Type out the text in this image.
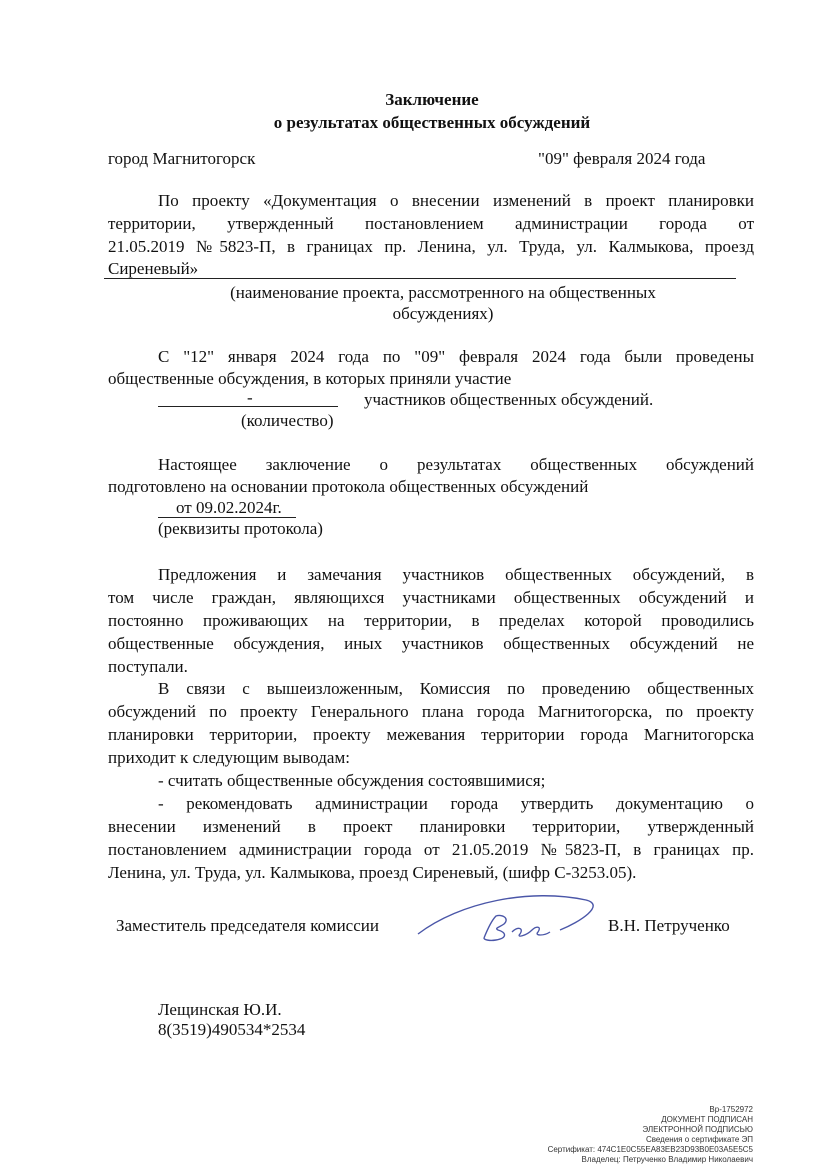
Заключение
о результатах общественных обсуждений
город Магнитогорск	"09" февраля 2024 года
По проекту «Документация о внесении изменений в проект планировки
территории, утвержденный постановлением администрации города от
21.05.2019 №5823-П, в границах пр. Ленина, ул. Труда, ул. Калмыкова, проезд
Сиреневый»
(наименование проекта, рассмотренного на общественных
обсуждениях)
С "12" января 2024 года по "09" февраля 2024 года были проведены
общественные обсуждения, в которых приняли участие
-	участников общественных обсуждений.
(количество)
Настоящее заключение о результатах общественных обсуждений
подготовлено на основании протокола общественных обсуждений
от 09.02.2024г.
(реквизиты протокола)
Предложения и замечания участников общественных обсуждений, в
том числе граждан, являющихся участниками общественных обсуждений и
постоянно проживающих на территории, в пределах которой проводились
общественные обсуждения, иных участников общественных обсуждений не
поступали.
В связи с вышеизложенным, Комиссия по проведению общественных
обсуждений по проекту Генерального плана города Магнитогорска, по проекту
планировки территории, проекту межевания территории города Магнитогорска
приходит к следующим выводам:
- считать общественные обсуждения состоявшимися;
- рекомендовать администрации города утвердить документацию о
внесении изменений в проект планировки территории, утвержденный
постановлением администрации города от 21.05.2019 №5823-П, в границах пр.
Ленина, ул. Труда, ул. Калмыкова, проезд Сиреневый, (шифр С-3253.05).
Заместитель председателя комиссии	В.Н. Петрученко
Лещинская Ю.И.
8(3519)490534*2534
Вр-1752972
ДОКУМЕНТ ПОДПИСАН
ЭЛЕКТРОННОЙ ПОДПИСЬЮ
Сведения о сертификате ЭП
Сертификат: 474C1E0C55EA83EB23D93B0E03A5E5C5
Владелец: Петрученко Владимир Николаевич
